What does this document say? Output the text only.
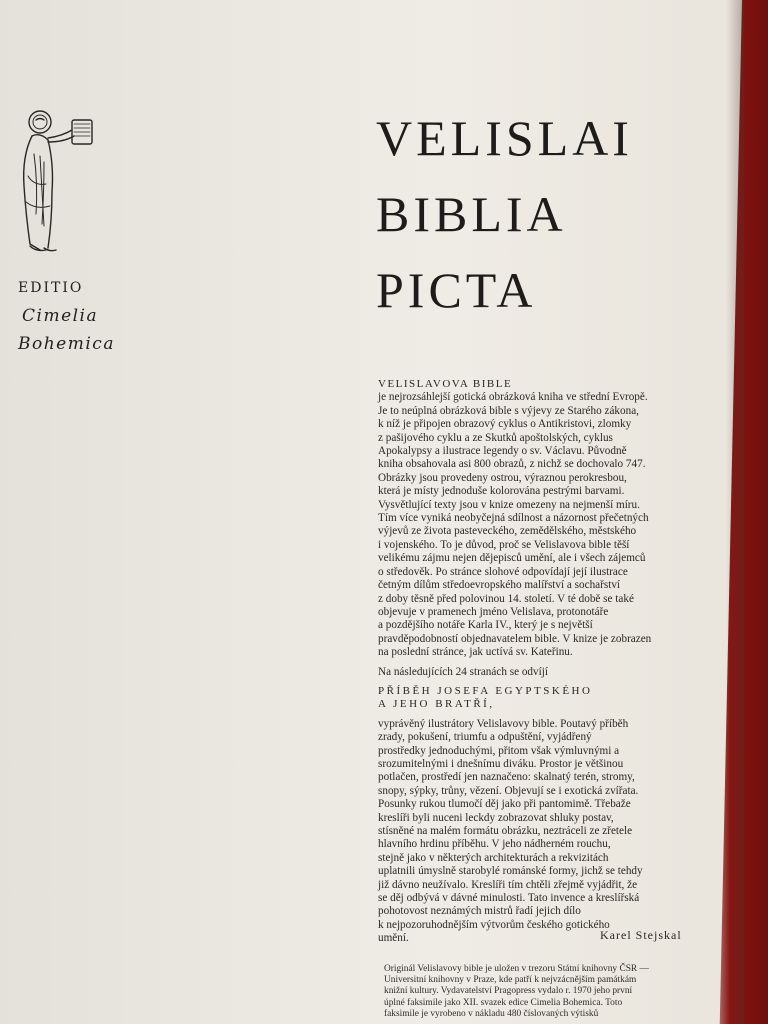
EDITIO
Cimelia
Bohemica
VELISLAI
BIBLIA
PICTA
VELISLAVOVA BIBLE
je nejrozsáhlejší gotická obrázková kniha ve střední Evropě.
Je to neúplná obrázková bible s výjevy ze Starého zákona,
k níž je připojen obrazový cyklus o Antikristovi, zlomky
z pašijového cyklu a ze Skutků apoštolských, cyklus
Apokalypsy a ilustrace legendy o sv. Václavu. Původně
kniha obsahovala asi 800 obrazů, z nichž se dochovalo 747.
Obrázky jsou provedeny ostrou, výraznou perokresbou,
která je místy jednoduše kolorována pestrými barvami.
Vysvětlující texty jsou v knize omezeny na nejmenší míru.
Tím více vyniká neobyčejná sdílnost a názornost přečetných
výjevů ze života pasteveckého, zemědělského, městského
i vojenského. To je důvod, proč se Velislavova bible těší
velikému zájmu nejen dějepisců umění, ale i všech zájemců
o středověk. Po stránce slohové odpovídají její ilustrace
četným dílům středoevropského malířství a sochařství
z doby těsně před polovinou 14. století. V té době se také
objevuje v pramenech jméno Velislava, protonotáře
a pozdějšího notáře Karla IV., který je s největší
pravděpodobností objednavatelem bible. V knize je zobrazen
na poslední stránce, jak uctívá sv. Kateřinu.
Na následujících 24 stranách se odvíjí
PŘÍBĚH JOSEFA EGYPTSKÉHO
A JEHO BRATŘÍ,
vyprávěný ilustrátory Velislavovy bible. Poutavý příběh
zrady, pokušení, triumfu a odpuštění, vyjádřený
prostředky jednoduchými, přitom však výmluvnými a
srozumitelnými i dnešnímu diváku. Prostor je většinou
potlačen, prostředí jen naznačeno: skalnatý terén, stromy,
snopy, sýpky, trůny, vězení. Objevují se i exotická zvířata.
Posunky rukou tlumočí děj jako při pantomimě. Třebaže
kreslíři byli nuceni leckdy zobrazovat shluky postav,
stísněné na malém formátu obrázku, neztráceli ze zřetele
hlavního hrdinu příběhu. V jeho nádherném rouchu,
stejně jako v některých architekturách a rekvizitách
uplatnili úmyslně starobylé románské formy, jichž se tehdy
již dávno neužívalo. Kreslíři tím chtěli zřejmě vyjádřit, že
se děj odbývá v dávné minulosti. Tato invence a kreslířská
pohotovost neznámých mistrů řadí jejich dílo
k nejpozoruhodnějším výtvorům českého gotického
umění.	Karel Stejskal
Originál Velislavovy bible je uložen v trezoru Státní knihovny ČSR —
Universitní knihovny v Praze, kde patří k nejvzácnějším památkám
knižní kultury. Vydavatelství Pragopress vydalo r. 1970 jeho první
úplné faksimile jako XII. svazek edice Cimelia Bohemica. Toto
faksimile je vyrobeno v nákladu 480 číslovaných výtisků
